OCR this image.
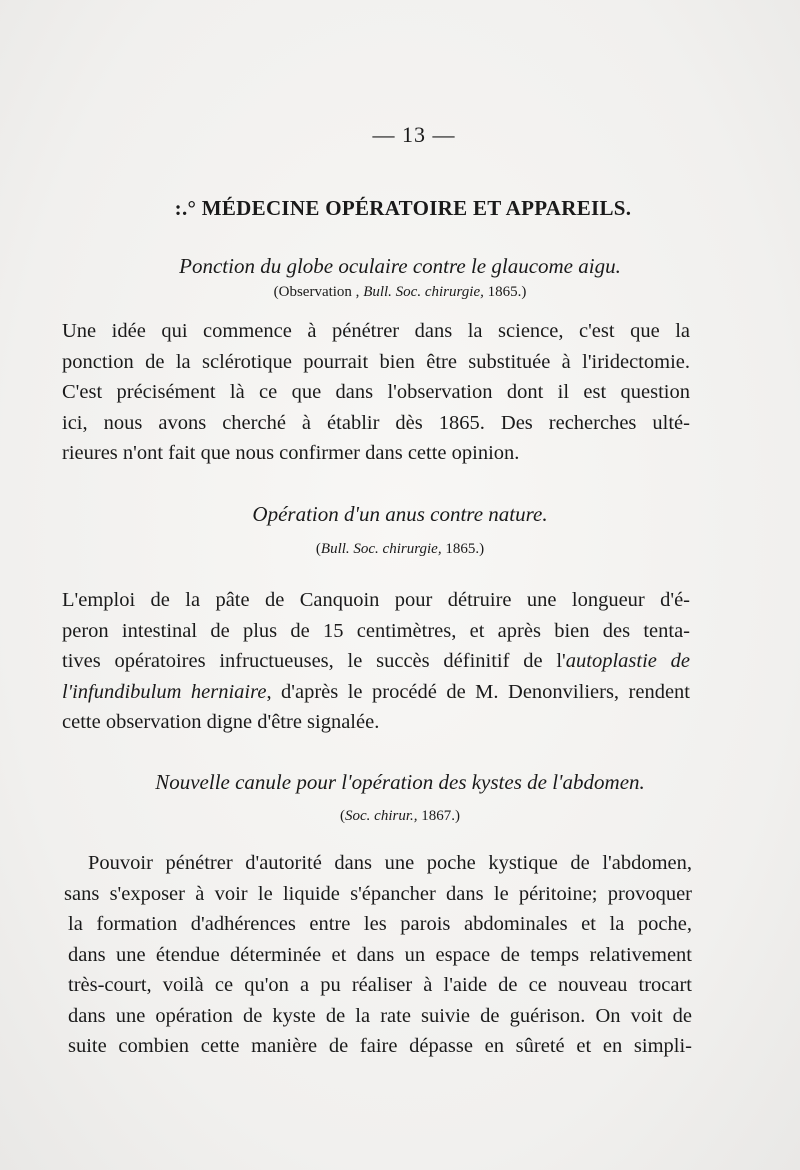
— 13 —
:.° MÉDECINE OPÉRATOIRE ET APPAREILS.
Ponction du globe oculaire contre le glaucome aigu.
(Observation , Bull. Soc. chirurgie, 1865.)
Une idée qui commence à pénétrer dans la science, c'est que la
ponction de la sclérotique pourrait bien être substituée à l'iridectomie.
C'est précisément là ce que dans l'observation dont il est question
ici, nous avons cherché à établir dès 1865. Des recherches ulté-
rieures n'ont fait que nous confirmer dans cette opinion.
Opération d'un anus contre nature.
(Bull. Soc. chirurgie, 1865.)
L'emploi de la pâte de Canquoin pour détruire une longueur d'é-
peron intestinal de plus de 15 centimètres, et après bien des tenta-
tives opératoires infructueuses, le succès définitif de l'autoplastie de
l'infundibulum herniaire, d'après le procédé de M. Denonviliers, rendent
cette observation digne d'être signalée.
Nouvelle canule pour l'opération des kystes de l'abdomen.
(Soc. chirur., 1867.)
Pouvoir pénétrer d'autorité dans une poche kystique de l'abdomen,
sans s'exposer à voir le liquide s'épancher dans le péritoine; provoquer
la formation d'adhérences entre les parois abdominales et la poche,
dans une étendue déterminée et dans un espace de temps relativement
très-court, voilà ce qu'on a pu réaliser à l'aide de ce nouveau trocart
dans une opération de kyste de la rate suivie de guérison. On voit de
suite combien cette manière de faire dépasse en sûreté et en simpli-
